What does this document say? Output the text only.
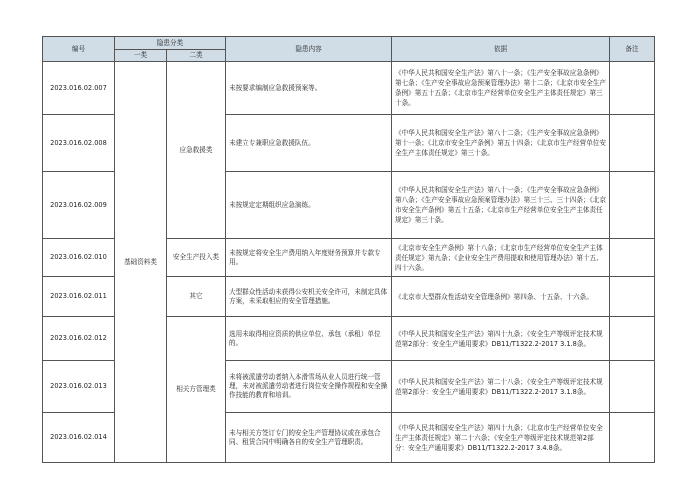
编号	隐患分类		隐患内容	依据	备注
	一类	二类			
2023.016.02.007	基础资料类	应急救援类	未按要求编制应急救援预案等。	《中华人民共和国安全生产法》第八十一条；《生产安全事故应急条例》第七条；《生产安全事故应急预案管理办法》第十二条；《北京市安全生产条例》第五十五条；《北京市生产经营单位安全生产主体责任规定》第三十条。	
2023.016.02.008			未建立专兼职应急救援队伍。	《中华人民共和国安全生产法》第八十二条；《生产安全事故应急条例》第十一条；《北京市安全生产条例》第五十四条；《北京市生产经营单位安全生产主体责任规定》第三十条。	
2023.016.02.009			未按规定定期组织应急演练。	《中华人民共和国安全生产法》第八十一条；《生产安全事故应急条例》第八条；《生产安全事故应急预案管理办法》第三十三、三十四条；《北京市安全生产条例》第五十五条；《北京市生产经营单位安全生产主体责任规定》第三十条。	
2023.016.02.010		安全生产投入类	未按规定将安全生产费用纳入年度财务预算并专款专用。	《北京市安全生产条例》第十八条；《北京市生产经营单位安全生产主体责任规定》第九条；《企业安全生产费用提取和使用管理办法》第十五、四十六条。	
2023.016.02.011		其它	大型群众性活动未获得公安机关安全许可，未制定具体方案，未采取相应的安全管理措施。	《北京市大型群众性活动安全管理条例》第四条、十五条、十六条。	
2023.016.02.012		相关方管理类	选用未取得相应资质的供应单位、承包（承租）单位的。	《中华人民共和国安全生产法》第四十九条；《安全生产等级评定技术规范第2部分：安全生产通用要求》DB11/T1322.2-2017 3.1.8条。	
2023.016.02.013			未将被派遣劳动者纳入本滑雪场从业人员进行统一管理，未对被派遣劳动者进行岗位安全操作规程和安全操作技能的教育和培训。	《中华人民共和国安全生产法》第二十八条；《安全生产等级评定技术规范第2部分：安全生产通用要求》DB11/T1322.2-2017 3.1.8条。	
2023.016.02.014			未与相关方签订专门的安全生产管理协议或在承包合同、租赁合同中明确各自的安全生产管理职责。	《中华人民共和国安全生产法》第四十九条；《北京市生产经营单位安全生产主体责任规定》第二十六条；《安全生产等级评定技术规范第2部分：安全生产通用要求》DB11/T1322.2-2017 3.4.8条。	
